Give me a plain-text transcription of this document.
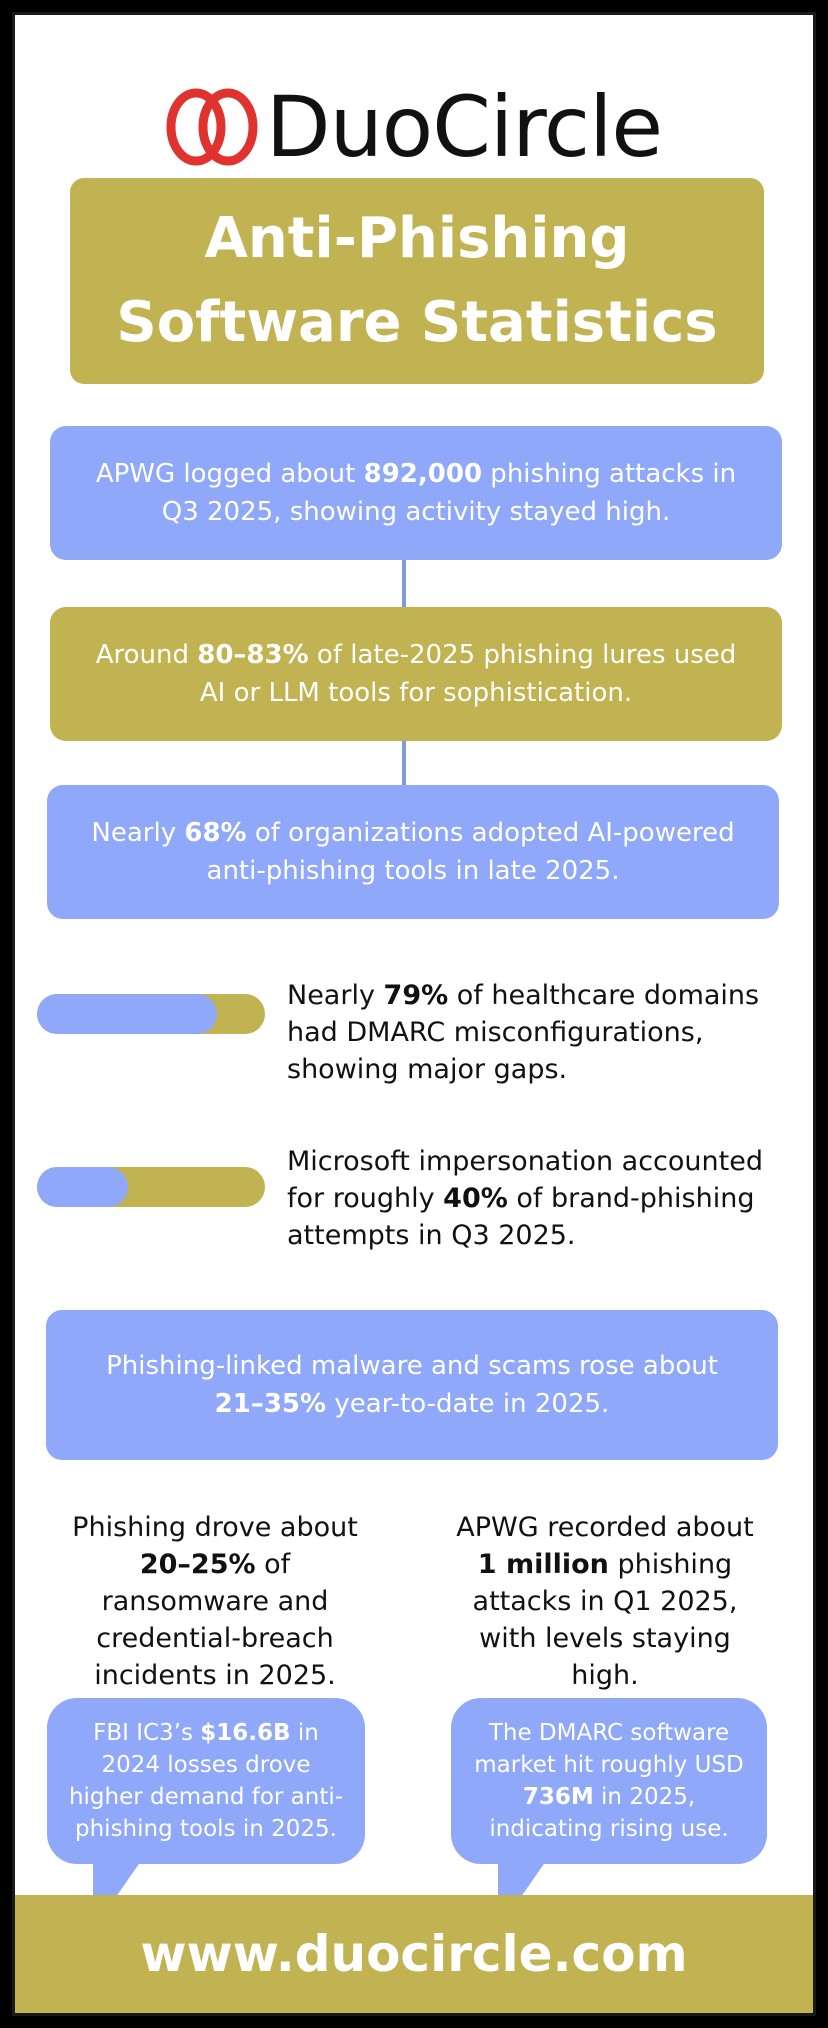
DuoCircle
Anti-Phishing
Software Statistics

APWG logged about 892,000 phishing attacks in Q3 2025, showing activity stayed high.

Around 80–83% of late-2025 phishing lures used AI or LLM tools for sophistication.

Nearly 68% of organizations adopted AI-powered anti-phishing tools in late 2025.

Nearly 79% of healthcare domains had DMARC misconfigurations, showing major gaps.
Microsoft impersonation accounted for roughly 40% of brand-phishing attempts in Q3 2025.

Phishing-linked malware and scams rose about 21–35% year-to-date in 2025.

Phishing drove about 20–25% of ransomware and credential-breach incidents in 2025.
APWG recorded about 1 million phishing attacks in Q1 2025, with levels staying high.

FBI IC3’s $16.6B in 2024 losses drove higher demand for anti-phishing tools in 2025.

The DMARC software market hit roughly USD 736M in 2025, indicating rising use.

www.duocircle.com
